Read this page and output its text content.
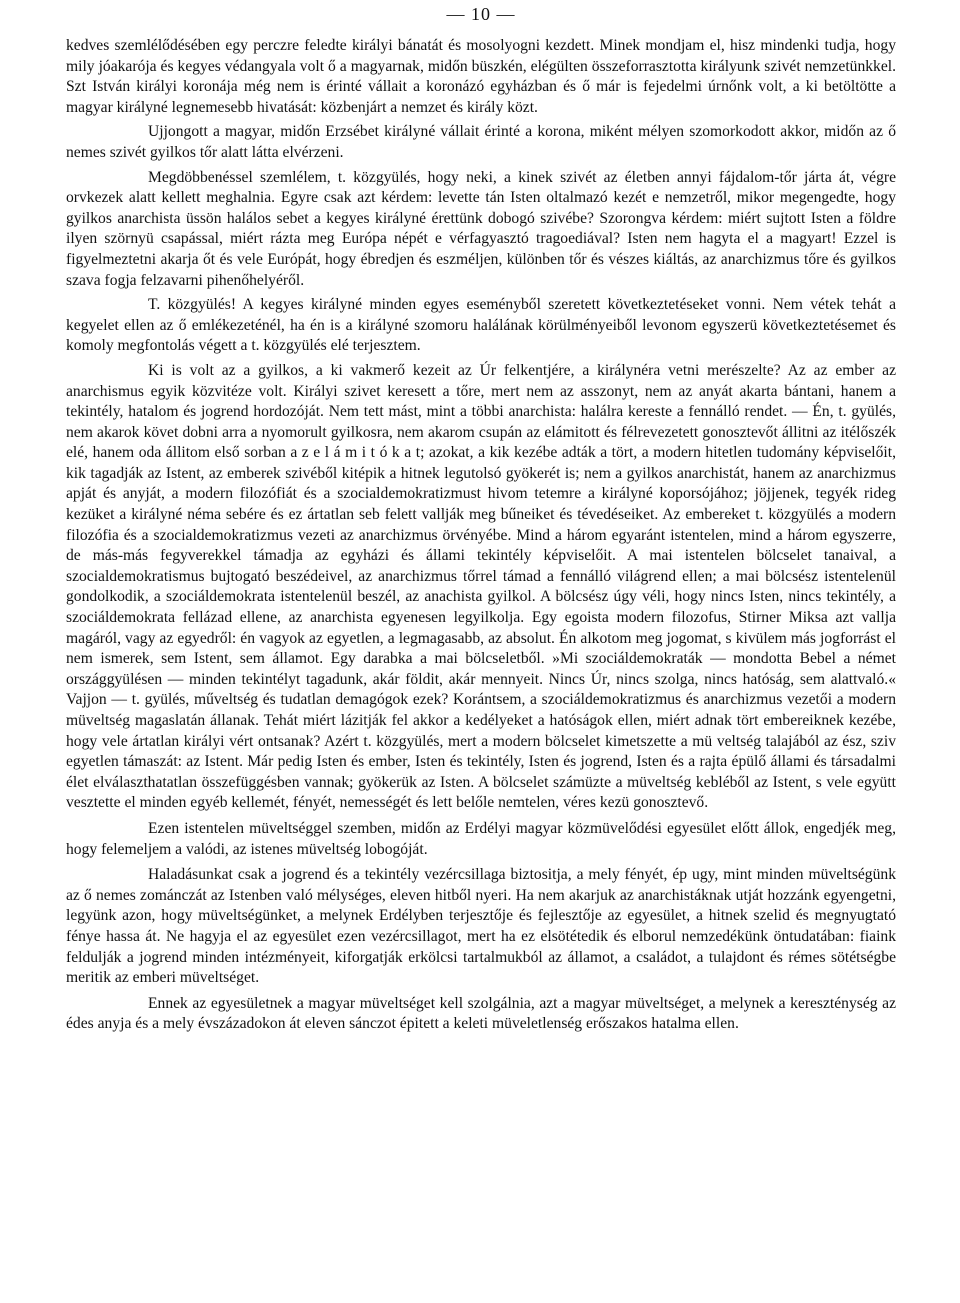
— 10 —

kedves szemlélődésében egy perczre feledte királyi bánatát és mosolyogni kezdett. Minek mondjam el, hisz mindenki tudja, hogy mily jóakarója és kegyes védangyala volt ő a magyarnak, midőn büszkén, elégülten összeforrasztotta királyunk szivét nemzetünkkel. Szt István királyi koronája még nem is érinté vállait a koronázó egyházban és ő már is fejedelmi úrnőnk volt, a ki betöltötte a magyar királyné legnemesebb hivatását: közbenjárt a nemzet és király közt.

Ujjongott a magyar, midőn Erzsébet királyné vállait érinté a korona, miként mélyen szomorkodott akkor, midőn az ő nemes szivét gyilkos tőr alatt látta elvérzeni.

Megdöbbenéssel szemlélem, t. közgyülés, hogy neki, a kinek szivét az életben annyi fájdalom-tőr járta át, végre orvkezek alatt kellett meghalnia. Egyre csak azt kérdem: levette tán Isten oltalmazó kezét e nemzetről, mikor megengedte, hogy gyilkos anarchista üssön halálos sebet a kegyes királyné érettünk dobogó szivébe? Szorongva kérdem: miért sujtott Isten a földre ilyen szörnyü csapással, miért rázta meg Európa népét e vérfagyasztó tragoediával? Isten nem hagyta el a magyart! Ezzel is figyelmeztetni akarja őt és vele Európát, hogy ébredjen és eszméljen, különben tőr és vészes kiáltás, az anarchizmus tőre és gyilkos szava fogja felzavarni pihenőhelyéről.

T. közgyülés! A kegyes királyné minden egyes eseményből szeretett következtetéseket vonni. Nem vétek tehát a kegyelet ellen az ő emlékezeténél, ha én is a királyné szomoru halálának körülményeiből levonom egyszerü következtetésemet és komoly megfontolás végett a t. közgyülés elé terjesztem.

Ki is volt az a gyilkos, a ki vakmerő kezeit az Úr felkentjére, a királynéra vetni merészelte? Az az ember az anarchismus egyik közvitéze volt. Királyi szivet keresett a tőre, mert nem az asszonyt, nem az anyát akarta bántani, hanem a tekintély, hatalom és jogrend hordozóját. Nem tett mást, mint a többi anarchista: halálra kereste a fennálló rendet. — Én, t. gyülés, nem akarok követ dobni arra a nyomorult gyilkosra, nem akarom csupán az elámitott és félrevezetett gonosztevőt állitni az itélőszék elé, hanem oda állitom első sorban a z e l á m i t ó k a t; azokat, a kik kezébe adták a tört, a modern hitetlen tudomány képviselőit, kik tagadják az Istent, az emberek szivéből kitépik a hitnek legutolsó gyökerét is; nem a gyilkos anarchistát, hanem az anarchizmus apját és anyját, a modern filozófiát és a szocialdemokratizmust hivom tetemre a királyné koporsójához; jöjjenek, tegyék rideg kezüket a királyné néma sebére és ez ártatlan seb felett vallják meg bűneiket és tévedéseiket. Az embereket t. közgyülés a modern filozófia és a szocialdemokratizmus vezeti az anarchizmus örvényébe. Mind a három egyaránt istentelen, mind a három egyszerre, de más-más fegyverekkel támadja az egyházi és állami tekintély képviselőit. A mai istentelen bölcselet tanaival, a szocialdemokratismus bujtogató beszédeivel, az anarchizmus tőrrel támad a fennálló világrend ellen; a mai bölcsész istentelenül gondolkodik, a szociáldemokrata istentelenül beszél, az anachista gyilkol. A bölcsész úgy véli, hogy nincs Isten, nincs tekintély, a szociáldemokrata fellázad ellene, az anarchista egyenesen legyilkolja. Egy egoista modern filozofus, Stirner Miksa azt vallja magáról, vagy az egyedről: én vagyok az egyetlen, a legmagasabb, az absolut. Én alkotom meg jogomat, s kivülem más jogforrást el nem ismerek, sem Istent, sem államot. Egy darabka a mai bölcseletből. »Mi szociáldemokraták — mondotta Bebel a német országgyülésen — minden tekintélyt tagadunk, akár földit, akár mennyeit. Nincs Úr, nincs szolga, nincs hatóság, sem alattvaló.« Vajjon — t. gyülés, műveltség és tudatlan demagógok ezek? Korántsem, a szociáldemokratizmus és anarchizmus vezetői a modern müveltség magaslatán állanak. Tehát miért lázitják fel akkor a kedélyeket a hatóságok ellen, miért adnak tört embereiknek kezébe, hogy vele ártatlan királyi vért ontsanak? Azért t. közgyülés, mert a modern bölcselet kimetszette a mü veltség talajából az ész, sziv egyetlen támaszát: az Istent. Már pedig Isten és ember, Isten és tekintély, Isten és jogrend, Isten és a rajta épülő állami és társadalmi élet elválaszthatatlan összefüggésben vannak; gyökerük az Isten. A bölcselet számüzte a müveltség kebléből az Istent, s vele együtt vesztette el minden egyéb kellemét, fényét, nemességét és lett belőle nemtelen, véres kezü gonosztevő.

Ezen istentelen müveltséggel szemben, midőn az Erdélyi magyar közmüvelődési egyesület előtt állok, engedjék meg, hogy felemeljem a valódi, az istenes müveltség lobogóját.

Haladásunkat csak a jogrend és a tekintély vezércsillaga biztositja, a mely fényét, ép ugy, mint minden müveltségünk az ő nemes zománczát az Istenben való mélységes, eleven hitből nyeri. Ha nem akarjuk az anarchistáknak utját hozzánk egyengetni, legyünk azon, hogy müveltségünket, a melynek Erdélyben terjesztője és fejlesztője az egyesület, a hitnek szelid és megnyugtató fénye hassa át. Ne hagyja el az egyesület ezen vezércsillagot, mert ha ez elsötétedik és elborul nemzedékünk öntudatában: fiaink feldulják a jogrend minden intézményeit, kiforgatják erkölcsi tartalmukból az államot, a családot, a tulajdont és rémes sötétségbe meritik az emberi müveltséget.

Ennek az egyesületnek a magyar müveltséget kell szolgálnia, azt a magyar müveltséget, a melynek a kereszténység az édes anyja és a mely évszázadokon át eleven sánczot épitett a keleti müveletlenség erőszakos hatalma ellen.
